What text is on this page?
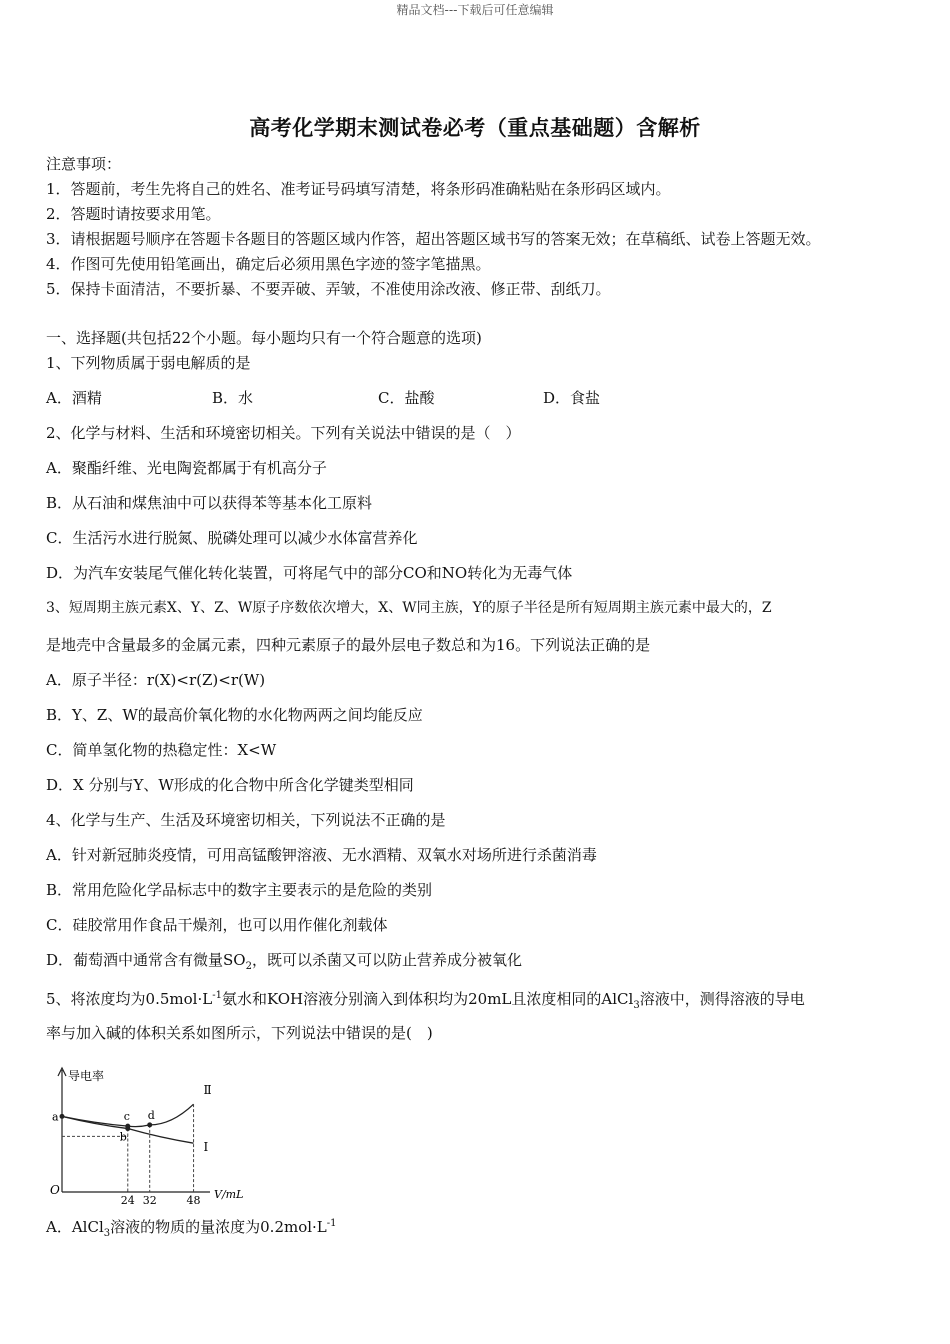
精品文档---下载后可任意编辑
高考化学期末测试卷必考（重点基础题）含解析
注意事项：
1．答题前，考生先将自己的姓名、准考证号码填写清楚，将条形码准确粘贴在条形码区域内。
2．答题时请按要求用笔。
3．请根据题号顺序在答题卡各题目的答题区域内作答，超出答题区域书写的答案无效；在草稿纸、试卷上答题无效。
4．作图可先使用铅笔画出，确定后必须用黑色字迹的签字笔描黑。
5．保持卡面清洁，不要折暴、不要弄破、弄皱，不准使用涂改液、修正带、刮纸刀。
一、选择题(共包括22个小题。每小题均只有一个符合题意的选项)
1、下列物质属于弱电解质的是
A．酒精	B．水	C．盐酸	D．食盐
2、化学与材料、生活和环境密切相关。下列有关说法中错误的是（　）
A．聚酯纤维、光电陶瓷都属于有机高分子
B．从石油和煤焦油中可以获得苯等基本化工原料
C．生活污水进行脱氮、脱磷处理可以减少水体富营养化
D．为汽车安装尾气催化转化装置，可将尾气中的部分CO和NO转化为无毒气体
3、短周期主族元素X、Y、Z、W原子序数依次增大，X、W同主族，Y的原子半径是所有短周期主族元素中最大的，Z
是地壳中含量最多的金属元素，四种元素原子的最外层电子数总和为16。下列说法正确的是
A．原子半径：r(X)<r(Z)<r(W)
B．Y、Z、W的最高价氧化物的水化物两两之间均能反应
C．简单氢化物的热稳定性：X<W
D．X 分别与Y、W形成的化合物中所含化学键类型相同
4、化学与生产、生活及环境密切相关，下列说法不正确的是
A．针对新冠肺炎疫情，可用高锰酸钾溶液、无水酒精、双氧水对场所进行杀菌消毒
B．常用危险化学品标志中的数字主要表示的是危险的类别
C．硅胶常用作食品干燥剂，也可以用作催化剂载体
D．葡萄酒中通常含有微量$SO_2$，既可以杀菌又可以防止营养成分被氧化
5、将浓度均为$0.5mol\cdot L^{-1}$氨水和KOH溶液分别滴入到体积均为20mL且浓度相同的AlCl$_3$溶液中，测得溶液的导电
率与加入碱的体积关系如图所示，下列说法中错误的是(　)
导电率
V/mL
O
Ⅰ
Ⅱ
24 32	48
a
b
c d
A．AlCl$_3$溶液的物质的量浓度为$0.2mol\cdot L^{-1}$
